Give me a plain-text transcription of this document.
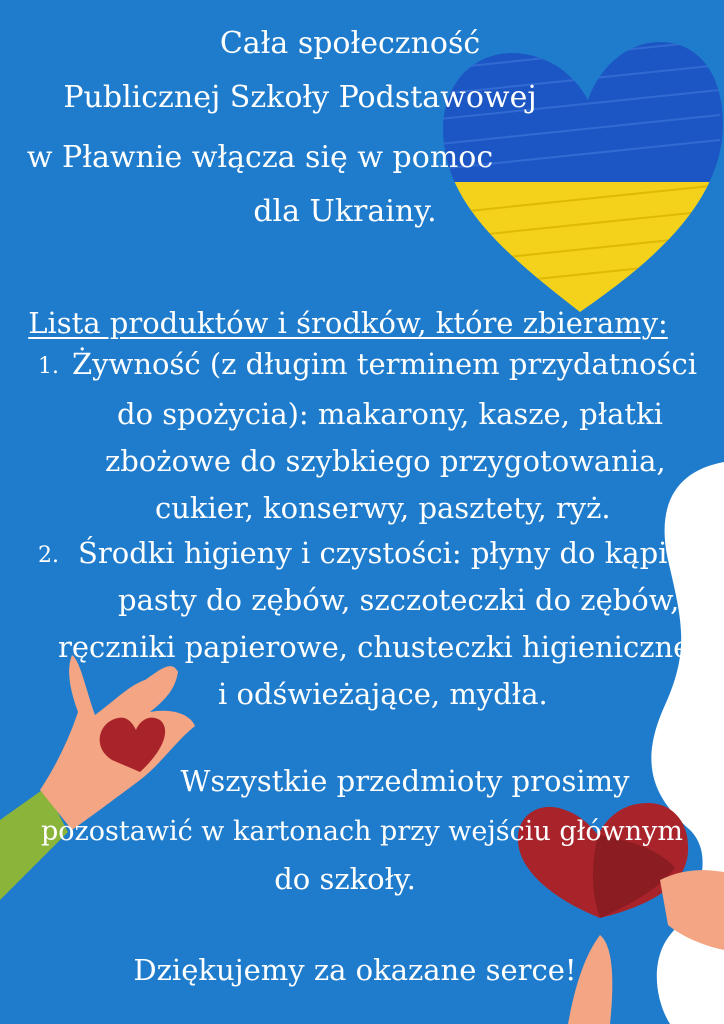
Cała społeczność
Publicznej Szkoły Podstawowej
w Pławnie włącza się w pomoc
dla Ukrainy.
Lista produktów i środków, które zbieramy:
1. Żywność (z długim terminem przydatności
do spożycia): makarony, kasze, płatki
zbożowe do szybkiego przygotowania,
cukier, konserwy, pasztety, ryż.
2. Środki higieny i czystości: płyny do kąpieli,
pasty do zębów, szczoteczki do zębów,
ręczniki papierowe, chusteczki higieniczne
i odświeżające, mydła.
Wszystkie przedmioty prosimy
pozostawić w kartonach przy wejściu głównym
do szkoły.
Dziękujemy za okazane serce!
